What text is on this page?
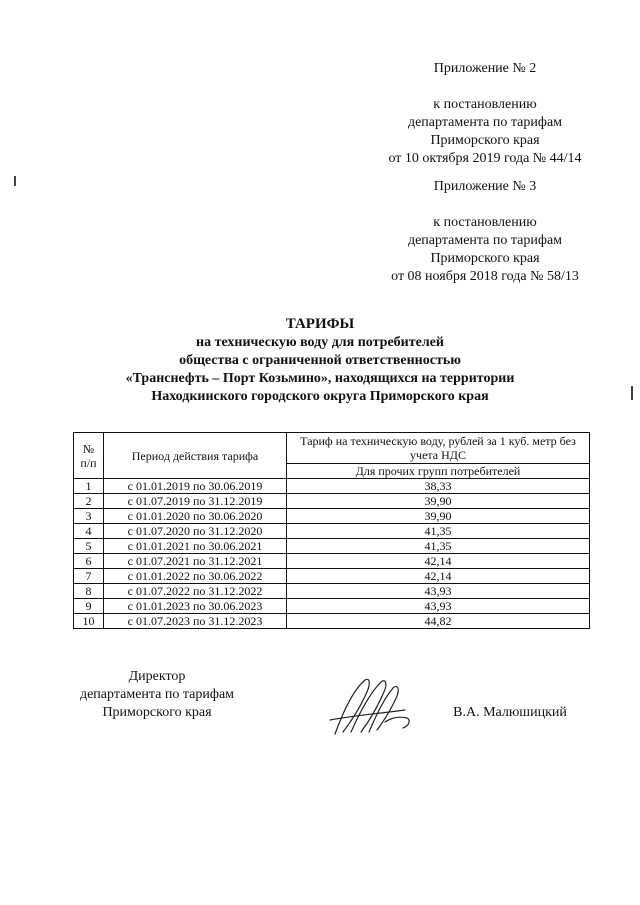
Приложение № 2
к постановлению
департамента по тарифам
Приморского края
от 10 октября 2019 года № 44/14
Приложение № 3
к постановлению
департамента по тарифам
Приморского края
от 08 ноября 2018 года № 58/13
ТАРИФЫ
на техническую воду для потребителей
общества с ограниченной ответственностью
«Транснефть – Порт Козьмино», находящихся на территории
Находкинского городского округа Приморского края
№
п/п	Период действия тарифа	Тариф на техническую воду, рублей за 1 куб. метр без учета НДС
		Для прочих групп потребителей
1	с 01.01.2019 по 30.06.2019	38,33
2	с 01.07.2019 по 31.12.2019	39,90
3	с 01.01.2020 по 30.06.2020	39,90
4	с 01.07.2020 по 31.12.2020	41,35
5	с 01.01.2021 по 30.06.2021	41,35
6	с 01.07.2021 по 31.12.2021	42,14
7	с 01.01.2022 по 30.06.2022	42,14
8	с 01.07.2022 по 31.12.2022	43,93
9	с 01.01.2023 по 30.06.2023	43,93
10	с 01.07.2023 по 31.12.2023	44,82
Директор
департамента по тарифам
Приморского края	В.А. Малюшицкий
